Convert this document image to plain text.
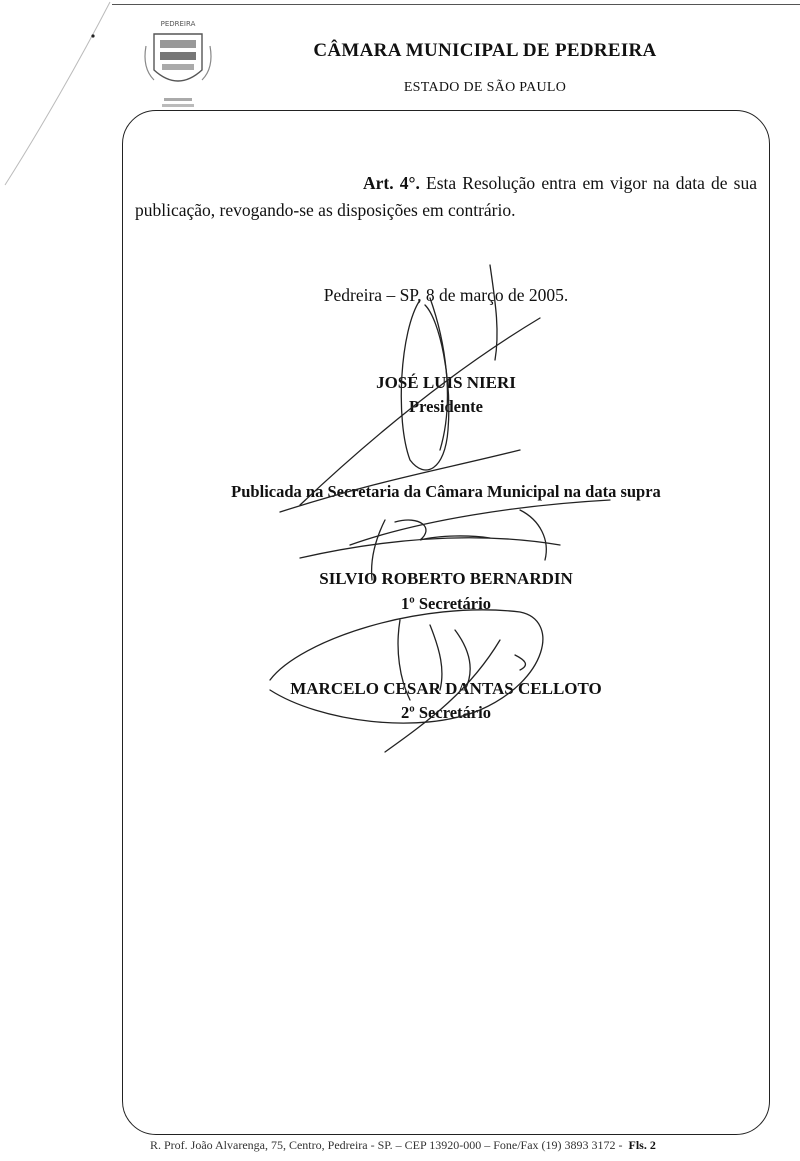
PEDREIRA
CÂMARA MUNICIPAL DE PEDREIRA
ESTADO DE SÃO PAULO
Art. 4°. Esta Resolução entra em vigor na data de sua publicação, revogando-se as disposições em contrário.
Pedreira – SP, 8 de março de 2005.
JOSÉ LUIS NIERI
Presidente
Publicada na Secretaria da Câmara Municipal na data supra
SILVIO ROBERTO BERNARDIN
1º Secretário
MARCELO CESAR DANTAS CELLOTO
2º Secretário
R. Prof. João Alvarenga, 75, Centro, Pedreira - SP. – CEP 13920-000 – Fone/Fax (19) 3893 3172 - Fls. 2
